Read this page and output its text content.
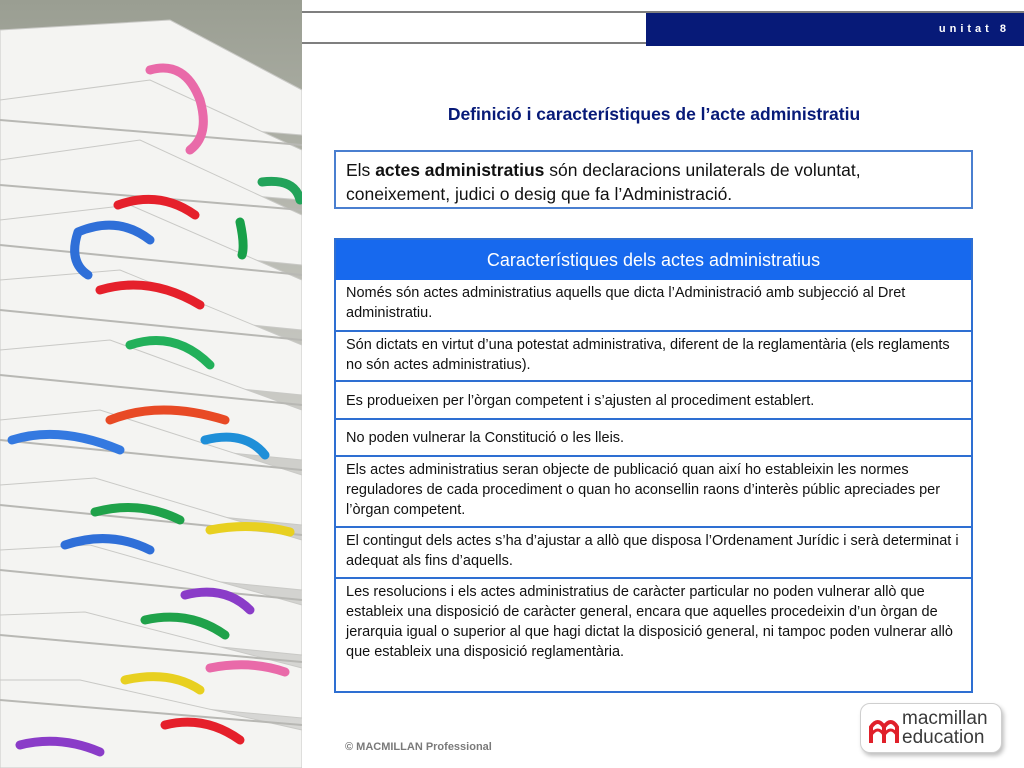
unitat 8
Definició i característiques de l’acte administratiu
Els actes administratius són declaracions unilaterals de voluntat, coneixement, judici o desig que fa l’Administració.
Característiques dels actes administratius
Només són actes administratius aquells que dicta l’Administració amb subjecció al Dret administratiu.
Són dictats en virtut d’una potestat administrativa, diferent de la reglamentària (els reglaments no són actes administratius).
Es produeixen per l’òrgan competent i s’ajusten al procediment establert.
No poden vulnerar la Constitució o les lleis.
Els actes administratius seran objecte de publicació quan així ho estableixin les normes reguladores de cada procediment o quan ho aconsellin raons d’interès públic apreciades per l’òrgan competent.
El contingut dels actes s’ha d’ajustar a allò que disposa l’Ordenament Jurídic i serà determinat i adequat als fins d’aquells.
Les resolucions i els actes administratius de caràcter particular no poden vulnerar allò que estableix una disposició de caràcter general, encara que aquelles procedeixin d’un òrgan de jerarquia igual o superior al que hagi dictat la disposició general, ni tampoc poden vulnerar allò que estableix una disposició reglamentària.
© MACMILLAN Professional
macmillan
education
